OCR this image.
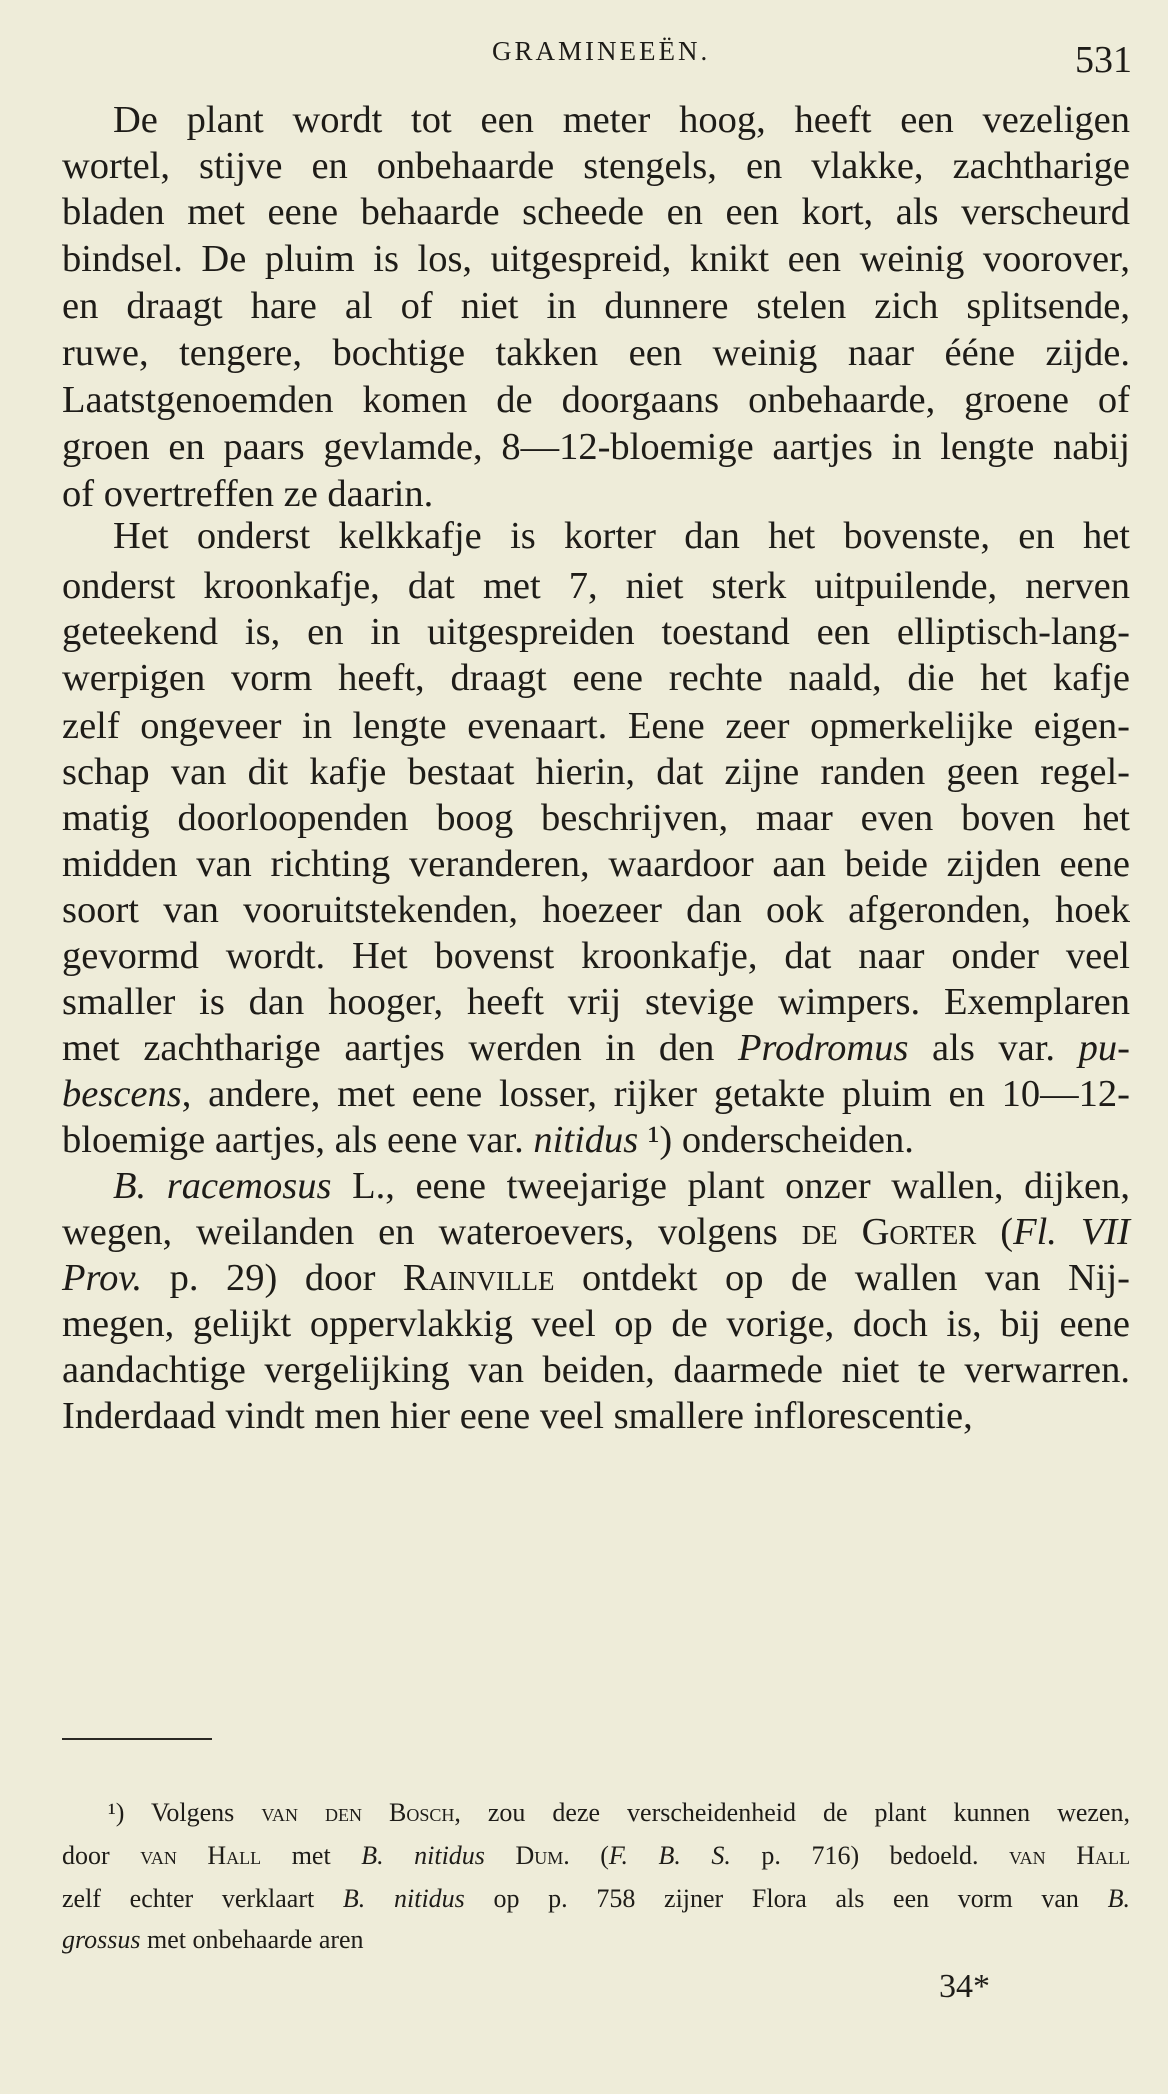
GRAMINEEËN.	531
De plant wordt tot een meter hoog, heeft een vezeligen
wortel, stijve en onbehaarde stengels, en vlakke, zachtharige
bladen met eene behaarde scheede en een kort, als verscheurd
bindsel. De pluim is los, uitgespreid, knikt een weinig voorover,
en draagt hare al of niet in dunnere stelen zich splitsende,
ruwe, tengere, bochtige takken een weinig naar ééne zijde.
Laatstgenoemden komen de doorgaans onbehaarde, groene of
groen en paars gevlamde, 8—12-bloemige aartjes in lengte nabij
of overtreffen ze daarin.
Het onderst kelkkafje is korter dan het bovenste, en het
onderst kroonkafje, dat met 7, niet sterk uitpuilende, nerven
geteekend is, en in uitgespreiden toestand een elliptisch-lang-
werpigen vorm heeft, draagt eene rechte naald, die het kafje
zelf ongeveer in lengte evenaart. Eene zeer opmerkelijke eigen-
schap van dit kafje bestaat hierin, dat zijne randen geen regel-
matig doorloopenden boog beschrijven, maar even boven het
midden van richting veranderen, waardoor aan beide zijden eene
soort van vooruitstekenden, hoezeer dan ook afgeronden, hoek
gevormd wordt. Het bovenst kroonkafje, dat naar onder veel
smaller is dan hooger, heeft vrij stevige wimpers. Exemplaren
met zachtharige aartjes werden in den Prodromus als var. pu-
bescens, andere, met eene losser, rijker getakte pluim en 10—12-
bloemige aartjes, als eene var. nitidus ¹) onderscheiden.
B. racemosus L., eene tweejarige plant onzer wallen, dijken,
wegen, weilanden en wateroevers, volgens de Gorter (Fl. VII
Prov. p. 29) door Rainville ontdekt op de wallen van Nij-
megen, gelijkt oppervlakkig veel op de vorige, doch is, bij eene
aandachtige vergelijking van beiden, daarmede niet te verwarren.
Inderdaad vindt men hier eene veel smallere inflorescentie,
¹) Volgens van den Bosch, zou deze verscheidenheid de plant kunnen wezen,
door van Hall met B. nitidus Dum. (F. B. S. p. 716) bedoeld. van Hall
zelf echter verklaart B. nitidus op p. 758 zijner Flora als een vorm van B.
grossus met onbehaarde aren
34*
